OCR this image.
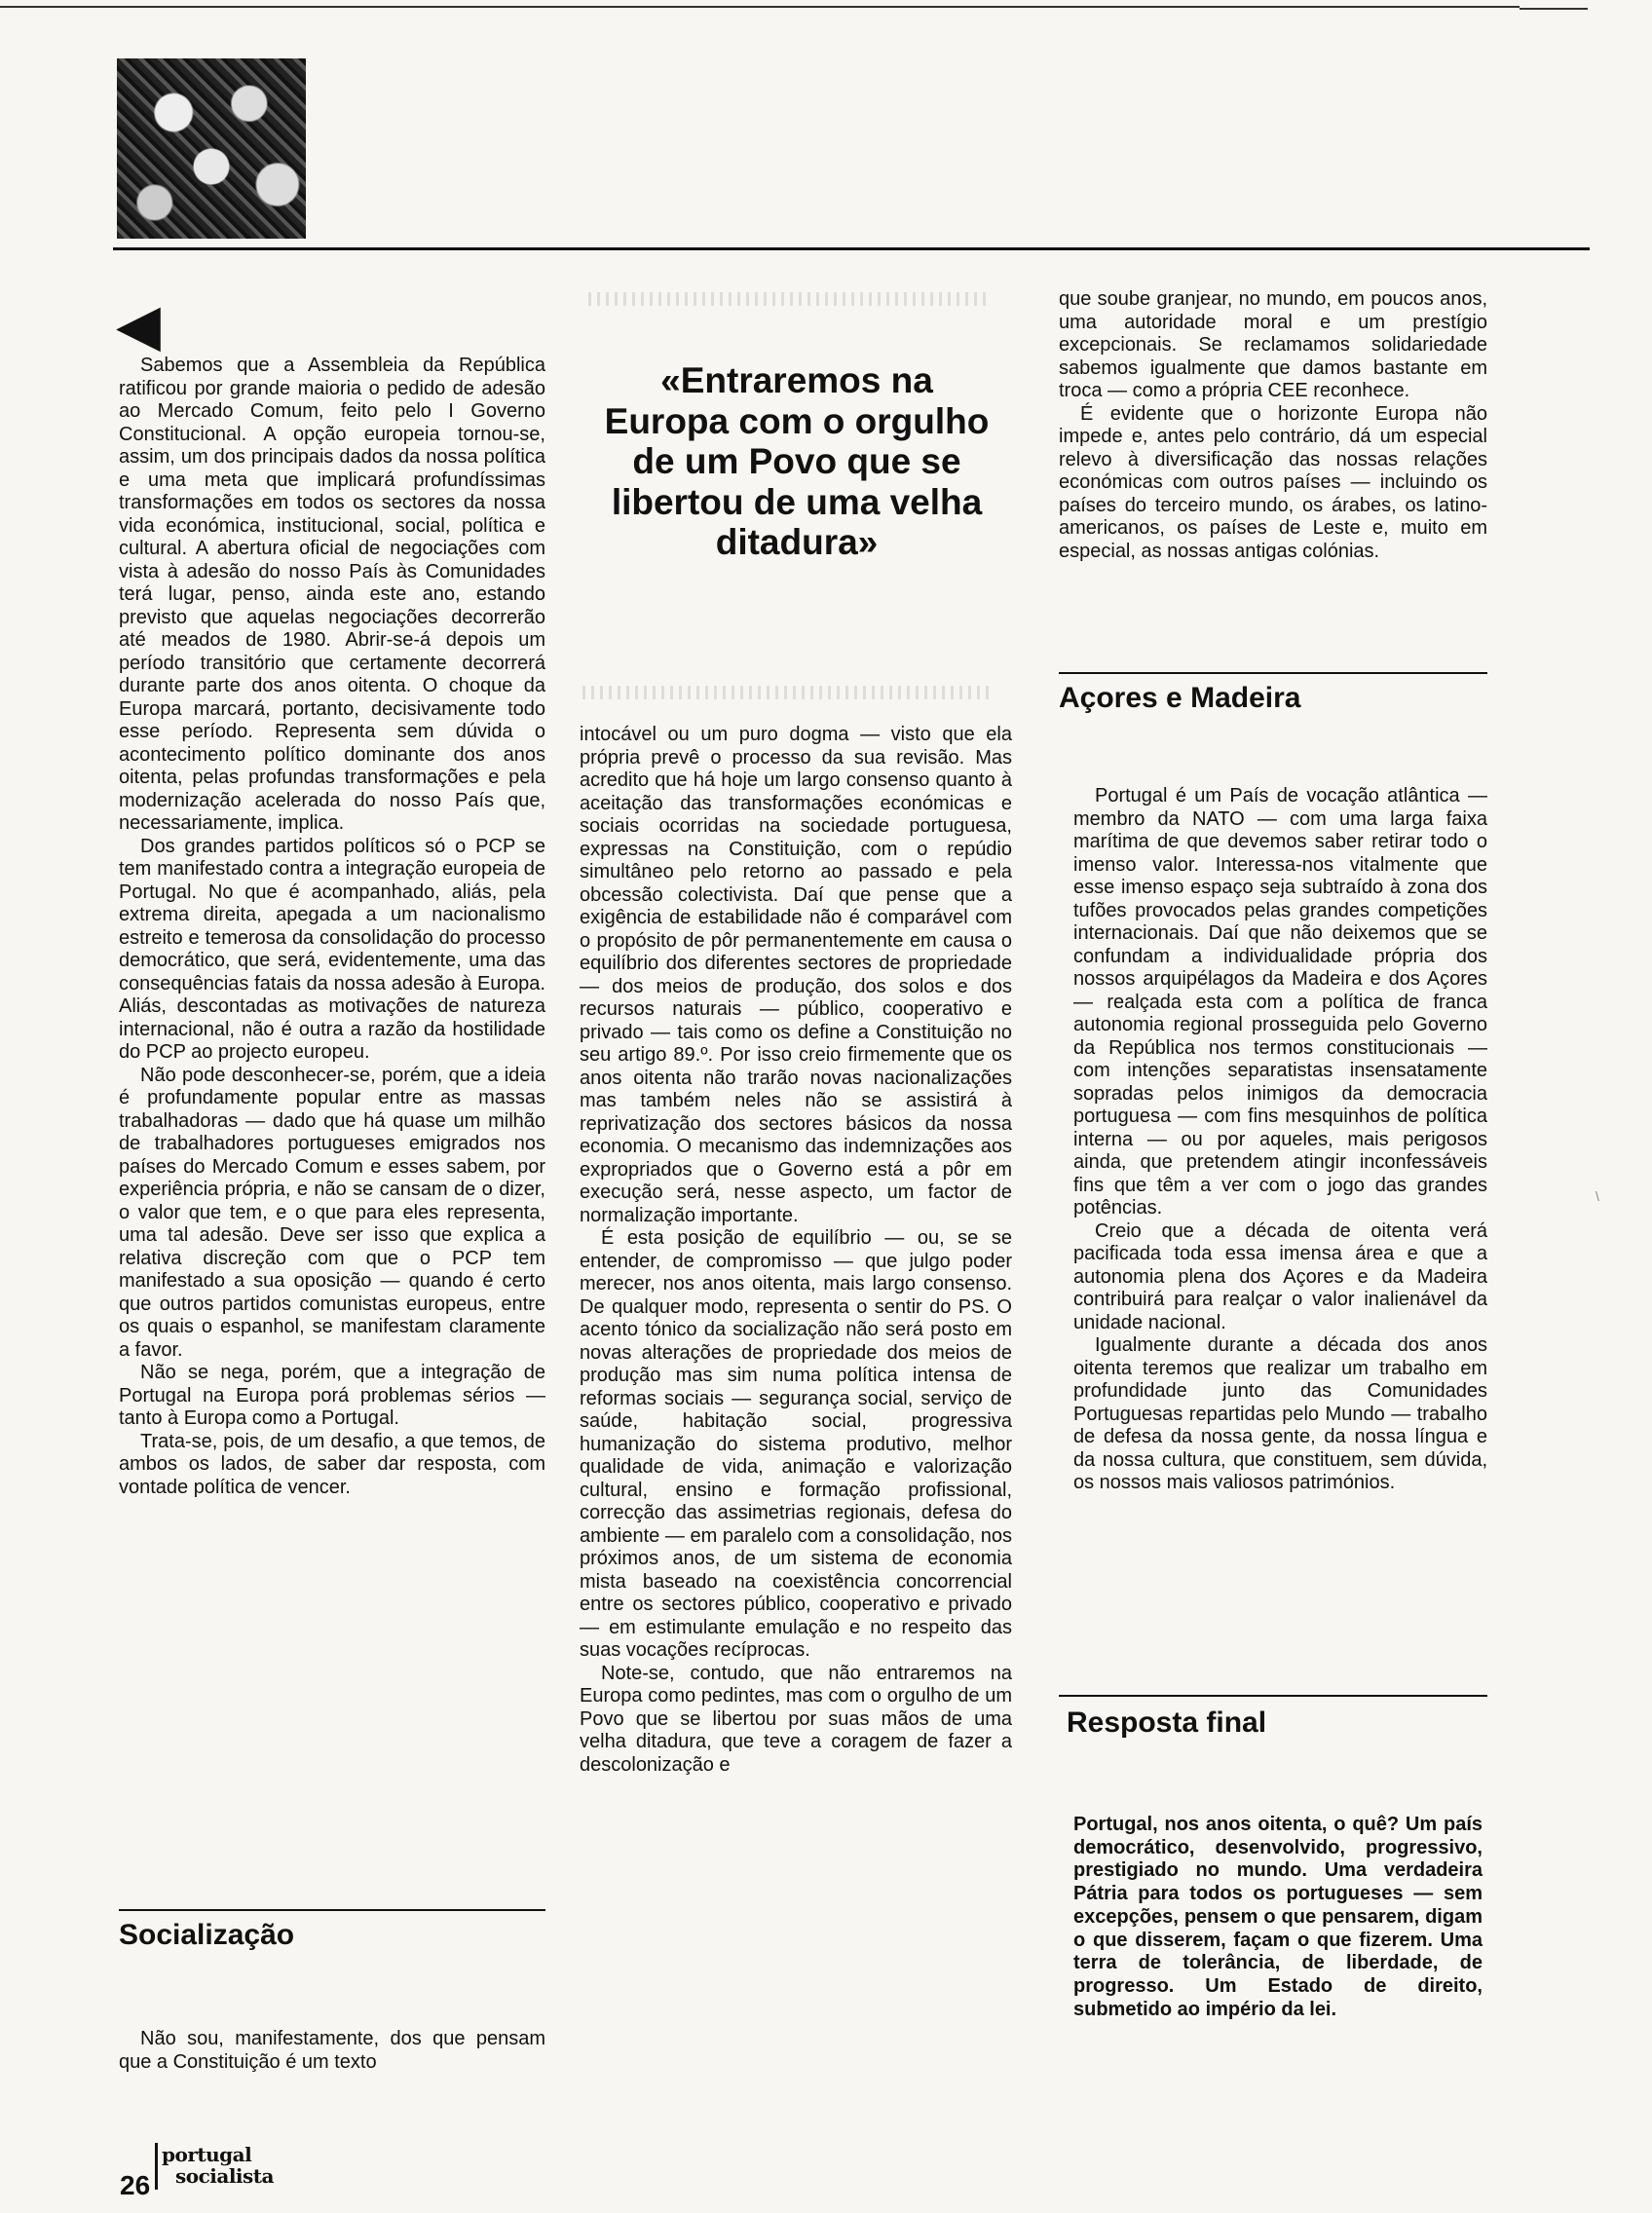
◀

Sabemos que a Assembleia da República ratificou por grande maioria o pedido de adesão ao Mercado Comum, feito pelo I Governo Constitucional. A opção europeia tornou-se, assim, um dos principais dados da nossa política e uma meta que implicará profundíssimas transformações em todos os sectores da nossa vida económica, institucional, social, política e cultural. A abertura oficial de negociações com vista à adesão do nosso País às Comunidades terá lugar, penso, ainda este ano, estando previsto que aquelas negociações decorrerão até meados de 1980. Abrir-se-á depois um período transitório que certamente decorrerá durante parte dos anos oitenta. O choque da Europa marcará, portanto, decisivamente todo esse período. Representa sem dúvida o acontecimento político dominante dos anos oitenta, pelas profundas transformações e pela modernização acelerada do nosso País que, necessariamente, implica.

Dos grandes partidos políticos só o PCP se tem manifestado contra a integração europeia de Portugal. No que é acompanhado, aliás, pela extrema direita, apegada a um nacionalismo estreito e temerosa da consolidação do processo democrático, que será, evidentemente, uma das consequências fatais da nossa adesão à Europa. Aliás, descontadas as motivações de natureza internacional, não é outra a razão da hostilidade do PCP ao projecto europeu.

Não pode desconhecer-se, porém, que a ideia é profundamente popular entre as massas trabalhadoras — dado que há quase um milhão de trabalhadores portugueses emigrados nos países do Mercado Comum e esses sabem, por experiência própria, e não se cansam de o dizer, o valor que tem, e o que para eles representa, uma tal adesão. Deve ser isso que explica a relativa discreção com que o PCP tem manifestado a sua oposição — quando é certo que outros partidos comunistas europeus, entre os quais o espanhol, se manifestam claramente a favor.

Não se nega, porém, que a integração de Portugal na Europa porá problemas sérios — tanto à Europa como a Portugal.

Trata-se, pois, de um desafio, a que temos, de ambos os lados, de saber dar resposta, com vontade política de vencer.

Socialização

Não sou, manifestamente, dos que pensam que a Constituição é um texto

«Entraremos na Europa com o orgulho de um Povo que se libertou de uma velha ditadura»

intocável ou um puro dogma — visto que ela própria prevê o processo da sua revisão. Mas acredito que há hoje um largo consenso quanto à aceitação das transformações económicas e sociais ocorridas na sociedade portuguesa, expressas na Constituição, com o repúdio simultâneo pelo retorno ao passado e pela obcessão colectivista. Daí que pense que a exigência de estabilidade não é comparável com o propósito de pôr permanentemente em causa o equilíbrio dos diferentes sectores de propriedade — dos meios de produção, dos solos e dos recursos naturais — público, cooperativo e privado — tais como os define a Constituição no seu artigo 89.º. Por isso creio firmemente que os anos oitenta não trarão novas nacionalizações mas também neles não se assistirá à reprivatização dos sectores básicos da nossa economia. O mecanismo das indemnizações aos expropriados que o Governo está a pôr em execução será, nesse aspecto, um factor de normalização importante.

É esta posição de equilíbrio — ou, se se entender, de compromisso — que julgo poder merecer, nos anos oitenta, mais largo consenso. De qualquer modo, representa o sentir do PS. O acento tónico da socialização não será posto em novas alterações de propriedade dos meios de produção mas sim numa política intensa de reformas sociais — segurança social, serviço de saúde, habitação social, progressiva humanização do sistema produtivo, melhor qualidade de vida, animação e valorização cultural, ensino e formação profissional, correcção das assimetrias regionais, defesa do ambiente — em paralelo com a consolidação, nos próximos anos, de um sistema de economia mista baseado na coexistência concorrencial entre os sectores público, cooperativo e privado — em estimulante emulação e no respeito das suas vocações recíprocas.

Note-se, contudo, que não entraremos na Europa como pedintes, mas com o orgulho de um Povo que se libertou por suas mãos de uma velha ditadura, que teve a coragem de fazer a descolonização e

que soube granjear, no mundo, em poucos anos, uma autoridade moral e um prestígio excepcionais. Se reclamamos solidariedade sabemos igualmente que damos bastante em troca — como a própria CEE reconhece.

É evidente que o horizonte Europa não impede e, antes pelo contrário, dá um especial relevo à diversificação das nossas relações económicas com outros países — incluindo os países do terceiro mundo, os árabes, os latino-americanos, os países de Leste e, muito em especial, as nossas antigas colónias.

Açores e Madeira

Portugal é um País de vocação atlântica — membro da NATO — com uma larga faixa marítima de que devemos saber retirar todo o imenso valor. Interessa-nos vitalmente que esse imenso espaço seja subtraído à zona dos tufões provocados pelas grandes competições internacionais. Daí que não deixemos que se confundam a individualidade própria dos nossos arquipélagos da Madeira e dos Açores — realçada esta com a política de franca autonomia regional prosseguida pelo Governo da República nos termos constitucionais — com intenções separatistas insensatamente sopradas pelos inimigos da democracia portuguesa — com fins mesquinhos de política interna — ou por aqueles, mais perigosos ainda, que pretendem atingir inconfessáveis fins que têm a ver com o jogo das grandes potências.

Creio que a década de oitenta verá pacificada toda essa imensa área e que a autonomia plena dos Açores e da Madeira contribuirá para realçar o valor inalienável da unidade nacional.

Igualmente durante a década dos anos oitenta teremos que realizar um trabalho em profundidade junto das Comunidades Portuguesas repartidas pelo Mundo — trabalho de defesa da nossa gente, da nossa língua e da nossa cultura, que constituem, sem dúvida, os nossos mais valiosos patrimónios.

Resposta final

Portugal, nos anos oitenta, o quê? Um país democrático, desenvolvido, progressivo, prestigiado no mundo. Uma verdadeira Pátria para todos os portugueses — sem excepções, pensem o que pensarem, digam o que disserem, façam o que fizerem. Uma terra de tolerância, de liberdade, de progresso. Um Estado de direito, submetido ao império da lei.

\
26
portugal
socialista
